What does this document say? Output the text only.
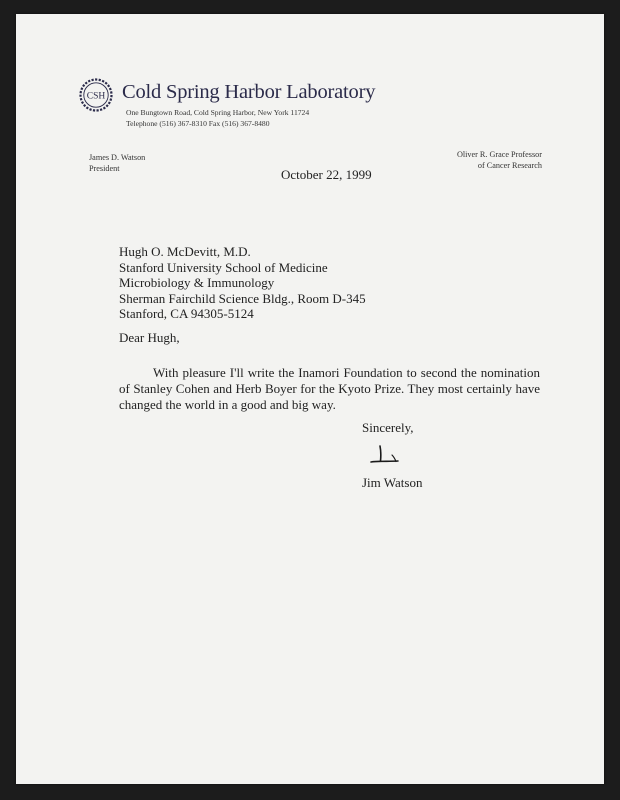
CSH Cold Spring Harbor Laboratory
One Bungtown Road, Cold Spring Harbor, New York 11724
Telephone (516) 367-8310 Fax (516) 367-8480
James D. Watson
President
Oliver R. Grace Professor
of Cancer Research
October 22, 1999
Hugh O. McDevitt, M.D.
Stanford University School of Medicine
Microbiology & Immunology
Sherman Fairchild Science Bldg., Room D-345
Stanford, CA 94305-5124
Dear Hugh,
With pleasure I'll write the Inamori Foundation to second the nomination of Stanley Cohen and Herb Boyer for the Kyoto Prize. They most certainly have changed the world in a good and big way.
Sincerely,
Jim Watson
